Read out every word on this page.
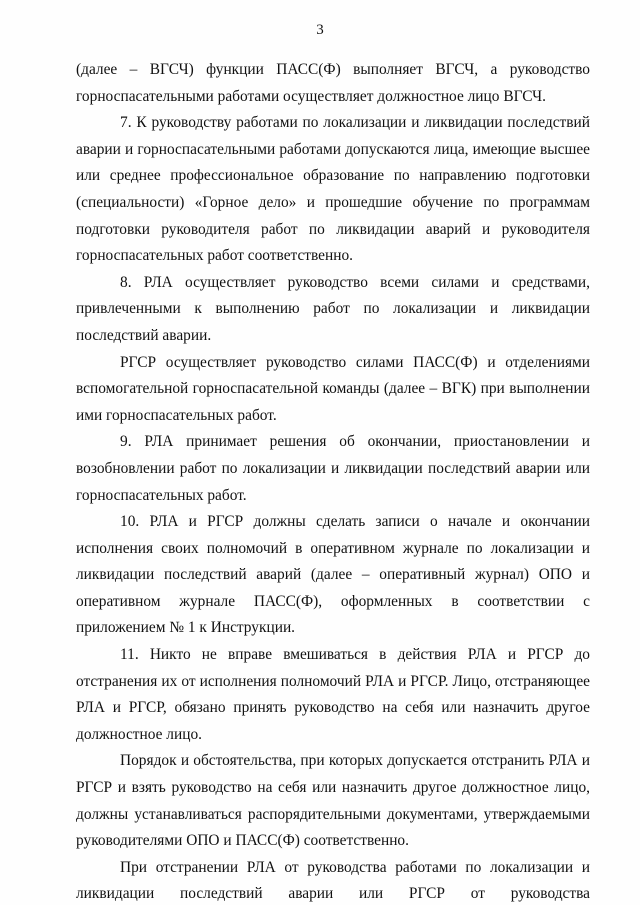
3

(далее – ВГСЧ) функции ПАСС(Ф) выполняет ВГСЧ, а руководство горноспасательными работами осуществляет должностное лицо ВГСЧ.

7. К руководству работами по локализации и ликвидации последствий аварии и горноспасательными работами допускаются лица, имеющие высшее или среднее профессиональное образование по направлению подготовки (специальности) «Горное дело» и прошедшие обучение по программам подготовки руководителя работ по ликвидации аварий и руководителя горноспасательных работ соответственно.

8. РЛА осуществляет руководство всеми силами и средствами, привлеченными к выполнению работ по локализации и ликвидации последствий аварии.

РГСР осуществляет руководство силами ПАСС(Ф) и отделениями вспомогательной горноспасательной команды (далее – ВГК) при выполнении ими горноспасательных работ.

9. РЛА принимает решения об окончании, приостановлении и возобновлении работ по локализации и ликвидации последствий аварии или горноспасательных работ.

10. РЛА и РГСР должны сделать записи о начале и окончании исполнения своих полномочий в оперативном журнале по локализации и ликвидации последствий аварий (далее – оперативный журнал) ОПО и оперативном журнале ПАСС(Ф), оформленных в соответствии с приложением № 1 к Инструкции.

11. Никто не вправе вмешиваться в действия РЛА и РГСР до отстранения их от исполнения полномочий РЛА и РГСР. Лицо, отстраняющее РЛА и РГСР, обязано принять руководство на себя или назначить другое должностное лицо.

Порядок и обстоятельства, при которых допускается отстранить РЛА и РГСР и взять руководство на себя или назначить другое должностное лицо, должны устанавливаться распорядительными документами, утверждаемыми руководителями ОПО и ПАСС(Ф) соответственно.

При отстранении РЛА от руководства работами по локализации и ликвидации последствий аварии или РГСР от руководства
